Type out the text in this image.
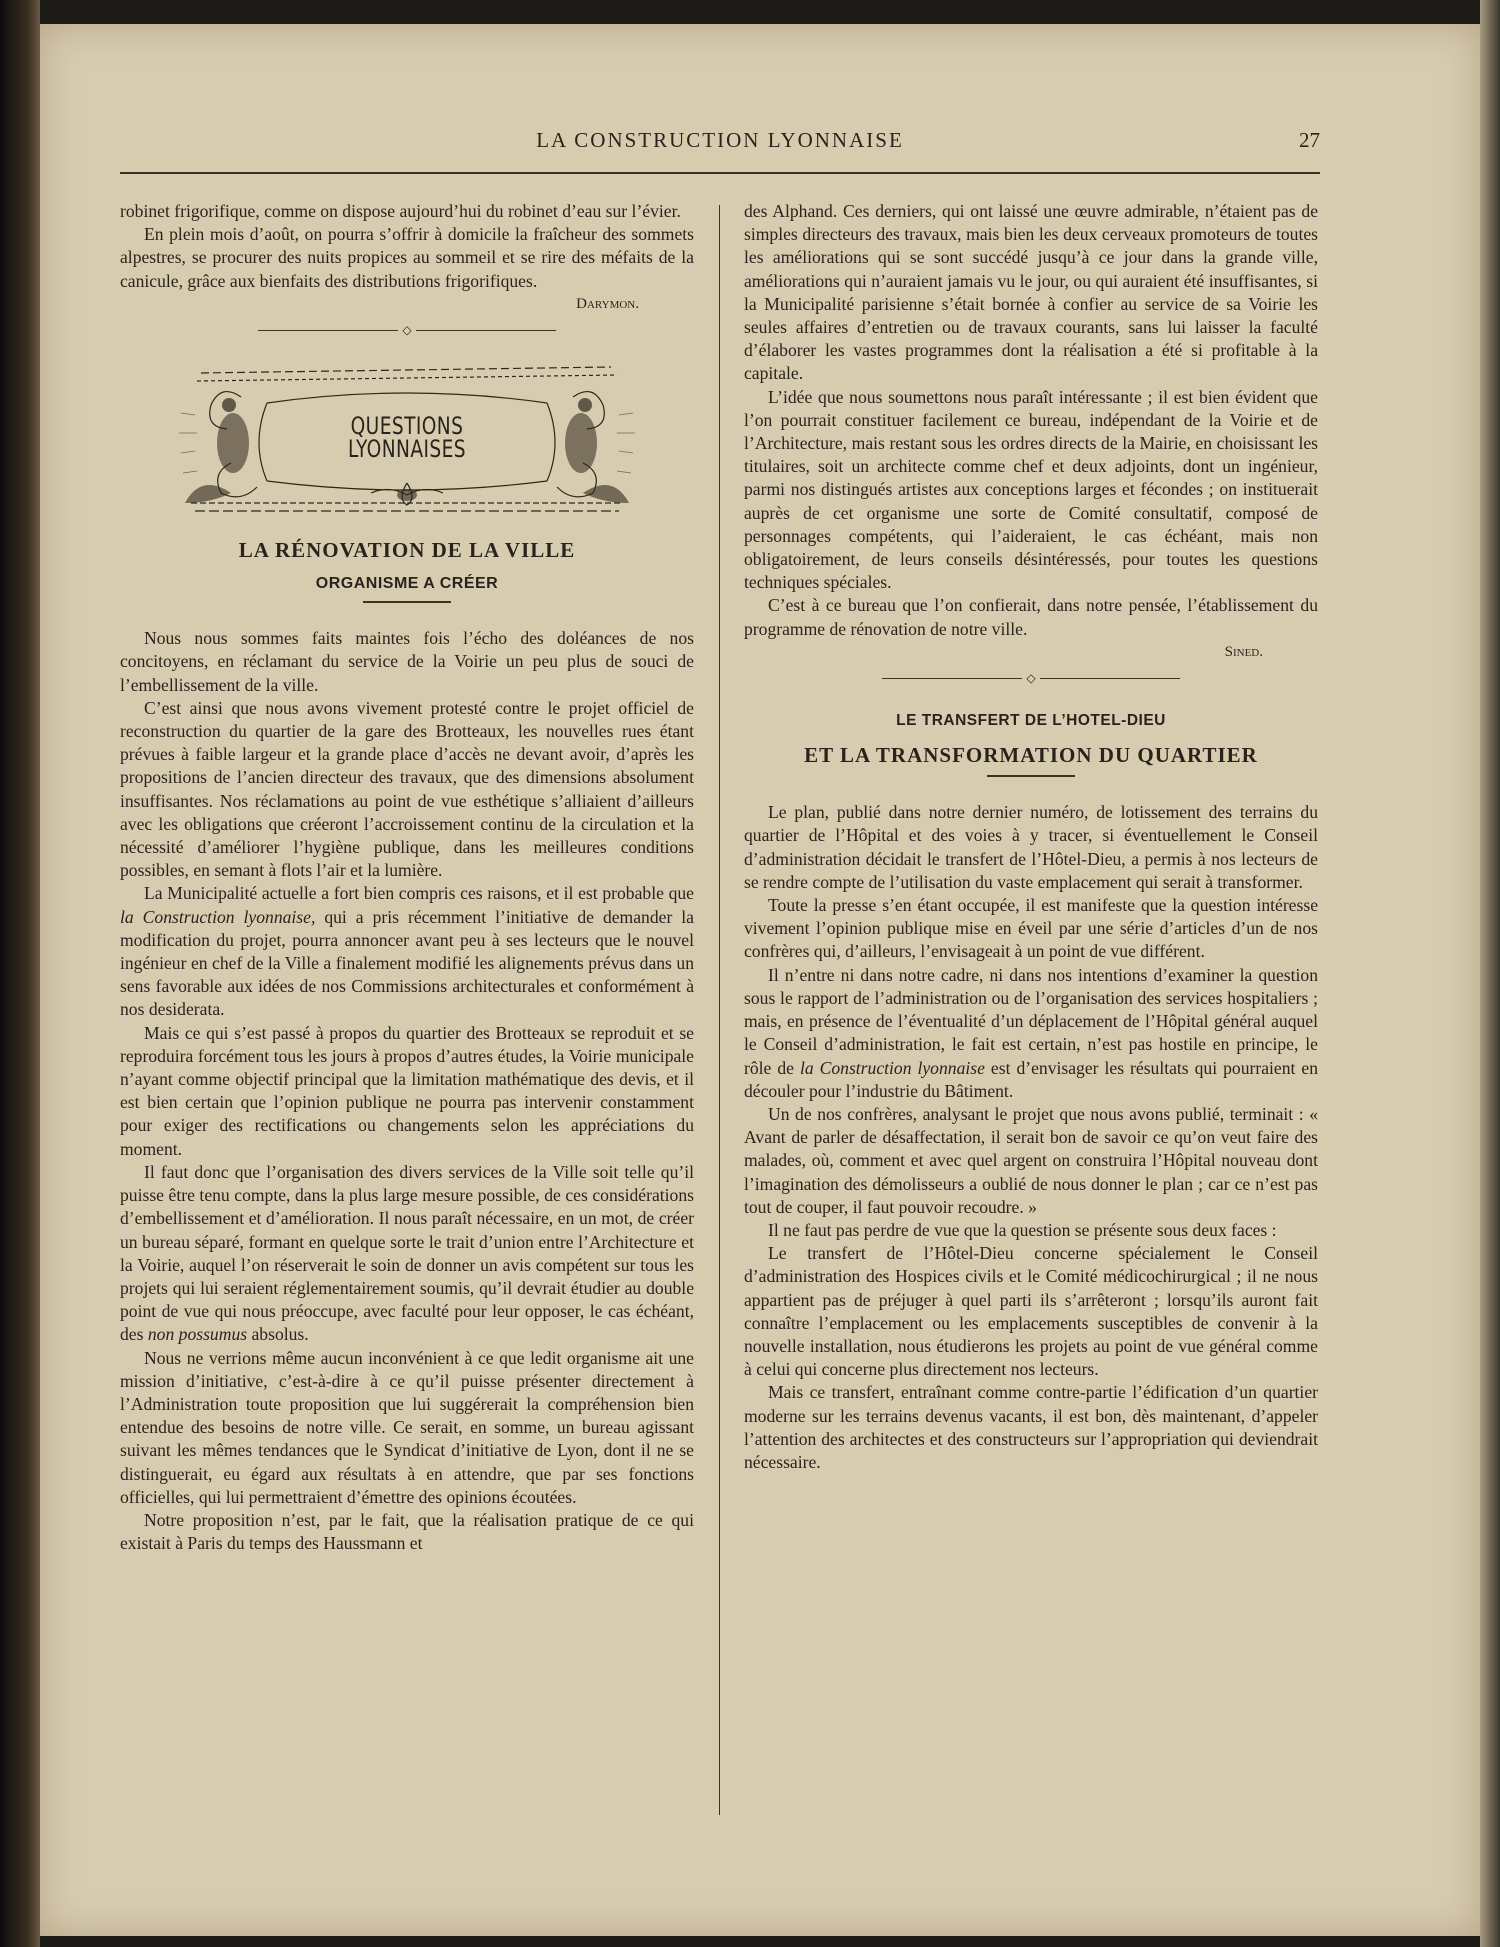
LA CONSTRUCTION LYONNAISE	27

robinet frigorifique, comme on dispose aujourd’hui du robinet d’eau sur l’évier.

En plein mois d’août, on pourra s’offrir à domicile la fraîcheur des sommets alpestres, se procurer des nuits propices au sommeil et se rire des méfaits de la canicule, grâce aux bienfaits des distributions frigorifiques.

Darymon.
◇
QUESTIONS LYONNAISES
LA RÉNOVATION DE LA VILLE
ORGANISME A CRÉER

Nous nous sommes faits maintes fois l’écho des doléances de nos concitoyens, en réclamant du service de la Voirie un peu plus de souci de l’embellissement de la ville.

C’est ainsi que nous avons vivement protesté contre le projet officiel de reconstruction du quartier de la gare des Brotteaux, les nouvelles rues étant prévues à faible largeur et la grande place d’accès ne devant avoir, d’après les propositions de l’ancien directeur des travaux, que des dimensions absolument insuffisantes. Nos réclamations au point de vue esthétique s’alliaient d’ailleurs avec les obligations que créeront l’accroissement continu de la circulation et la nécessité d’améliorer l’hygiène publique, dans les meilleures conditions possibles, en semant à flots l’air et la lumière.

La Municipalité actuelle a fort bien compris ces raisons, et il est probable que la Construction lyonnaise, qui a pris récemment l’initiative de demander la modification du projet, pourra annoncer avant peu à ses lecteurs que le nouvel ingénieur en chef de la Ville a finalement modifié les alignements prévus dans un sens favorable aux idées de nos Commissions architecturales et conformément à nos desiderata.

Mais ce qui s’est passé à propos du quartier des Brotteaux se reproduit et se reproduira forcément tous les jours à propos d’autres études, la Voirie municipale n’ayant comme objectif principal que la limitation mathématique des devis, et il est bien certain que l’opinion publique ne pourra pas intervenir constamment pour exiger des rectifications ou changements selon les appréciations du moment.

Il faut donc que l’organisation des divers services de la Ville soit telle qu’il puisse être tenu compte, dans la plus large mesure possible, de ces considérations d’embellissement et d’amélioration. Il nous paraît nécessaire, en un mot, de créer un bureau séparé, formant en quelque sorte le trait d’union entre l’Architecture et la Voirie, auquel l’on réserverait le soin de donner un avis compétent sur tous les projets qui lui seraient réglementairement soumis, qu’il devrait étudier au double point de vue qui nous préoccupe, avec faculté pour leur opposer, le cas échéant, des non possumus absolus.

Nous ne verrions même aucun inconvénient à ce que ledit organisme ait une mission d’initiative, c’est-à-dire à ce qu’il puisse présenter directement à l’Administration toute proposition que lui suggérerait la compréhension bien entendue des besoins de notre ville. Ce serait, en somme, un bureau agissant suivant les mêmes tendances que le Syndicat d’initiative de Lyon, dont il ne se distinguerait, eu égard aux résultats à en attendre, que par ses fonctions officielles, qui lui permettraient d’émettre des opinions écoutées.

Notre proposition n’est, par le fait, que la réalisation pratique de ce qui existait à Paris du temps des Haussmann et

des Alphand. Ces derniers, qui ont laissé une œuvre admirable, n’étaient pas de simples directeurs des travaux, mais bien les deux cerveaux promoteurs de toutes les améliorations qui se sont succédé jusqu’à ce jour dans la grande ville, améliorations qui n’auraient jamais vu le jour, ou qui auraient été insuffisantes, si la Municipalité parisienne s’était bornée à confier au service de sa Voirie les seules affaires d’entretien ou de travaux courants, sans lui laisser la faculté d’élaborer les vastes programmes dont la réalisation a été si profitable à la capitale.

L’idée que nous soumettons nous paraît intéressante ; il est bien évident que l’on pourrait constituer facilement ce bureau, indépendant de la Voirie et de l’Architecture, mais restant sous les ordres directs de la Mairie, en choisissant les titulaires, soit un architecte comme chef et deux adjoints, dont un ingénieur, parmi nos distingués artistes aux conceptions larges et fécondes ; on instituerait auprès de cet organisme une sorte de Comité consultatif, composé de personnages compétents, qui l’aideraient, le cas échéant, mais non obligatoirement, de leurs conseils désintéressés, pour toutes les questions techniques spéciales.

C’est à ce bureau que l’on confierait, dans notre pensée, l’établissement du programme de rénovation de notre ville.

Sined.
◇
LE TRANSFERT DE L’HOTEL-DIEU
ET LA TRANSFORMATION DU QUARTIER

Le plan, publié dans notre dernier numéro, de lotissement des terrains du quartier de l’Hôpital et des voies à y tracer, si éventuellement le Conseil d’administration décidait le transfert de l’Hôtel-Dieu, a permis à nos lecteurs de se rendre compte de l’utilisation du vaste emplacement qui serait à transformer.

Toute la presse s’en étant occupée, il est manifeste que la question intéresse vivement l’opinion publique mise en éveil par une série d’articles d’un de nos confrères qui, d’ailleurs, l’envisageait à un point de vue différent.

Il n’entre ni dans notre cadre, ni dans nos intentions d’examiner la question sous le rapport de l’administration ou de l’organisation des services hospitaliers ; mais, en présence de l’éventualité d’un déplacement de l’Hôpital général auquel le Conseil d’administration, le fait est certain, n’est pas hostile en principe, le rôle de la Construction lyonnaise est d’envisager les résultats qui pourraient en découler pour l’industrie du Bâtiment.

Un de nos confrères, analysant le projet que nous avons publié, terminait : « Avant de parler de désaffectation, il serait bon de savoir ce qu’on veut faire des malades, où, comment et avec quel argent on construira l’Hôpital nouveau dont l’imagination des démolisseurs a oublié de nous donner le plan ; car ce n’est pas tout de couper, il faut pouvoir recoudre. »

Il ne faut pas perdre de vue que la question se présente sous deux faces :

Le transfert de l’Hôtel-Dieu concerne spécialement le Conseil d’administration des Hospices civils et le Comité médicochirurgical ; il ne nous appartient pas de préjuger à quel parti ils s’arrêteront ; lorsqu’ils auront fait connaître l’emplacement ou les emplacements susceptibles de convenir à la nouvelle installation, nous étudierons les projets au point de vue général comme à celui qui concerne plus directement nos lecteurs.

Mais ce transfert, entraînant comme contre-partie l’édification d’un quartier moderne sur les terrains devenus vacants, il est bon, dès maintenant, d’appeler l’attention des architectes et des constructeurs sur l’appropriation qui deviendrait nécessaire.
